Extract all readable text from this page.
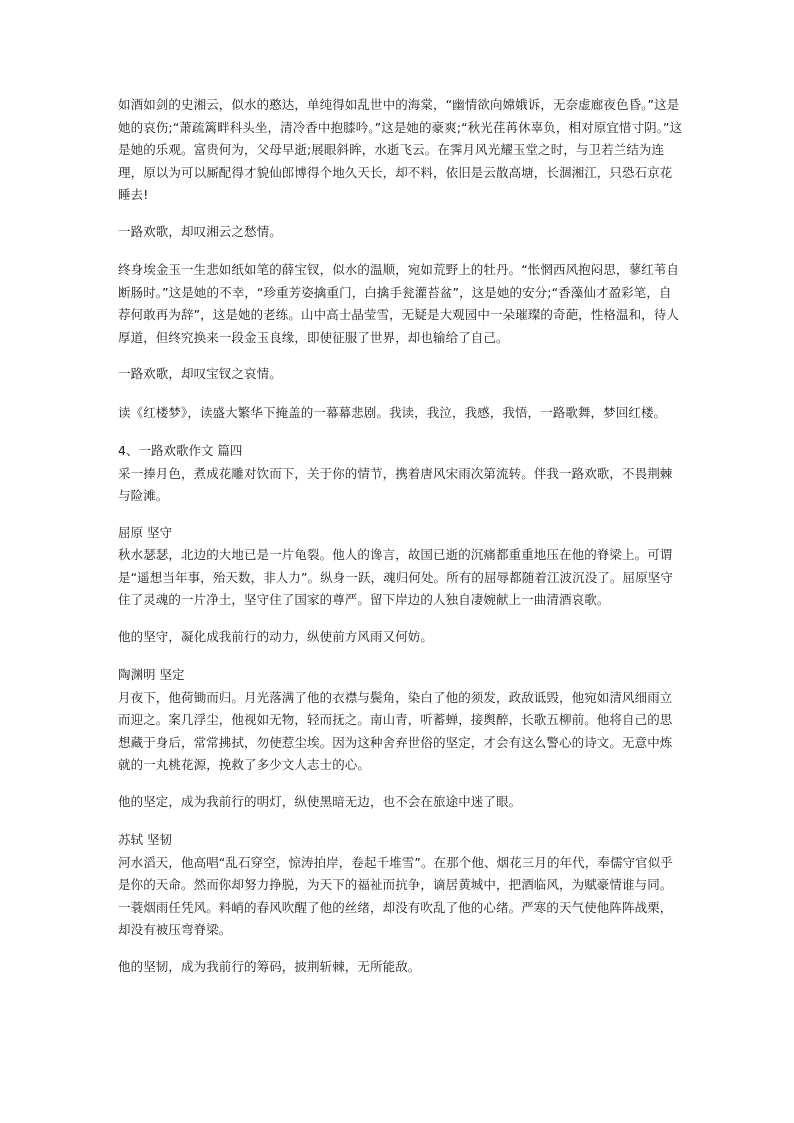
如酒如剑的史湘云，似水的憨达，单纯得如乱世中的海棠，“幽情欲向嫦娥诉，无奈虚廊夜色昏。”这是她的哀伤;“萧疏篱畔科头坐，清冷香中抱膝吟。”这是她的豪爽;“秋光荏苒休辜负，相对原宜惜寸阴。”这是她的乐观。富贵何为，父母早逝;展眼斜眸，水逝飞云。在霁月风光耀玉堂之时，与卫若兰结为连理，原以为可以厮配得才貌仙郎博得个地久天长，却不料，依旧是云散高塘，长涸湘江，只恐石京花睡去!

一路欢歌，却叹湘云之愁情。

终身埃金玉一生悲如纸如笔的薛宝钗，似水的温顺，宛如荒野上的牡丹。“怅惘西风抱闷思，蓼红苇自断肠时。”这是她的不幸，“珍重芳姿擒重门，白擒手瓮灌苔盆”，这是她的安分;“香藻仙才盈彩笔，自荐何敢再为辞”，这是她的老练。山中高士晶莹雪，无疑是大观园中一朵璀璨的奇葩，性格温和，待人厚道，但终究换来一段金玉良缘，即使征服了世界，却也输给了自己。

一路欢歌，却叹宝钗之哀情。

读《红楼梦》，读盛大繁华下掩盖的一幕幕悲剧。我读，我泣，我感，我悟，一路歌舞，梦回红楼。

4、一路欢歌作文 篇四

采一捧月色，煮成花雕对饮而下，关于你的情节，携着唐风宋雨次第流转。伴我一路欢歌，不畏荆棘与险滩。

屈原 坚守

秋水瑟瑟，北边的大地已是一片龟裂。他人的谗言，故国已逝的沉痛都重重地压在他的脊梁上。可谓是“遥想当年事，殆天数，非人力”。纵身一跃，魂归何处。所有的屈辱都随着江波沉没了。屈原坚守住了灵魂的一片净土，坚守住了国家的尊严。留下岸边的人独自凄婉献上一曲清酒哀歌。

他的坚守，凝化成我前行的动力，纵使前方风雨又何妨。

陶渊明 坚定

月夜下，他荷锄而归。月光落满了他的衣襟与鬓角，染白了他的须发，政敌诋毁，他宛如清风细雨立而迎之。案几浮尘，他视如无物，轻而抚之。南山青，听蓄蝉，接舆醉，长歌五柳前。他将自己的思想藏于身后，常常拂拭，勿使惹尘埃。因为这种舍弃世俗的坚定，才会有这么警心的诗文。无意中炼就的一丸桃花源，挽救了多少文人志士的心。

他的坚定，成为我前行的明灯，纵使黑暗无边，也不会在旅途中迷了眼。

苏轼 坚韧

河水滔天，他高唱“乱石穿空，惊涛拍岸，卷起千堆雪”。在那个他、烟花三月的年代，奉儒守官似乎是你的天命。然而你却努力挣脱，为天下的福祉而抗争，谪居黄城中，把酒临风，为赋豪情谁与同。一蓑烟雨任凭风。料峭的春风吹醒了他的丝绪，却没有吹乱了他的心绪。严寒的天气使他阵阵战栗，却没有被压弯脊梁。

他的坚韧，成为我前行的筹码，披荆斩棘，无所能敌。
